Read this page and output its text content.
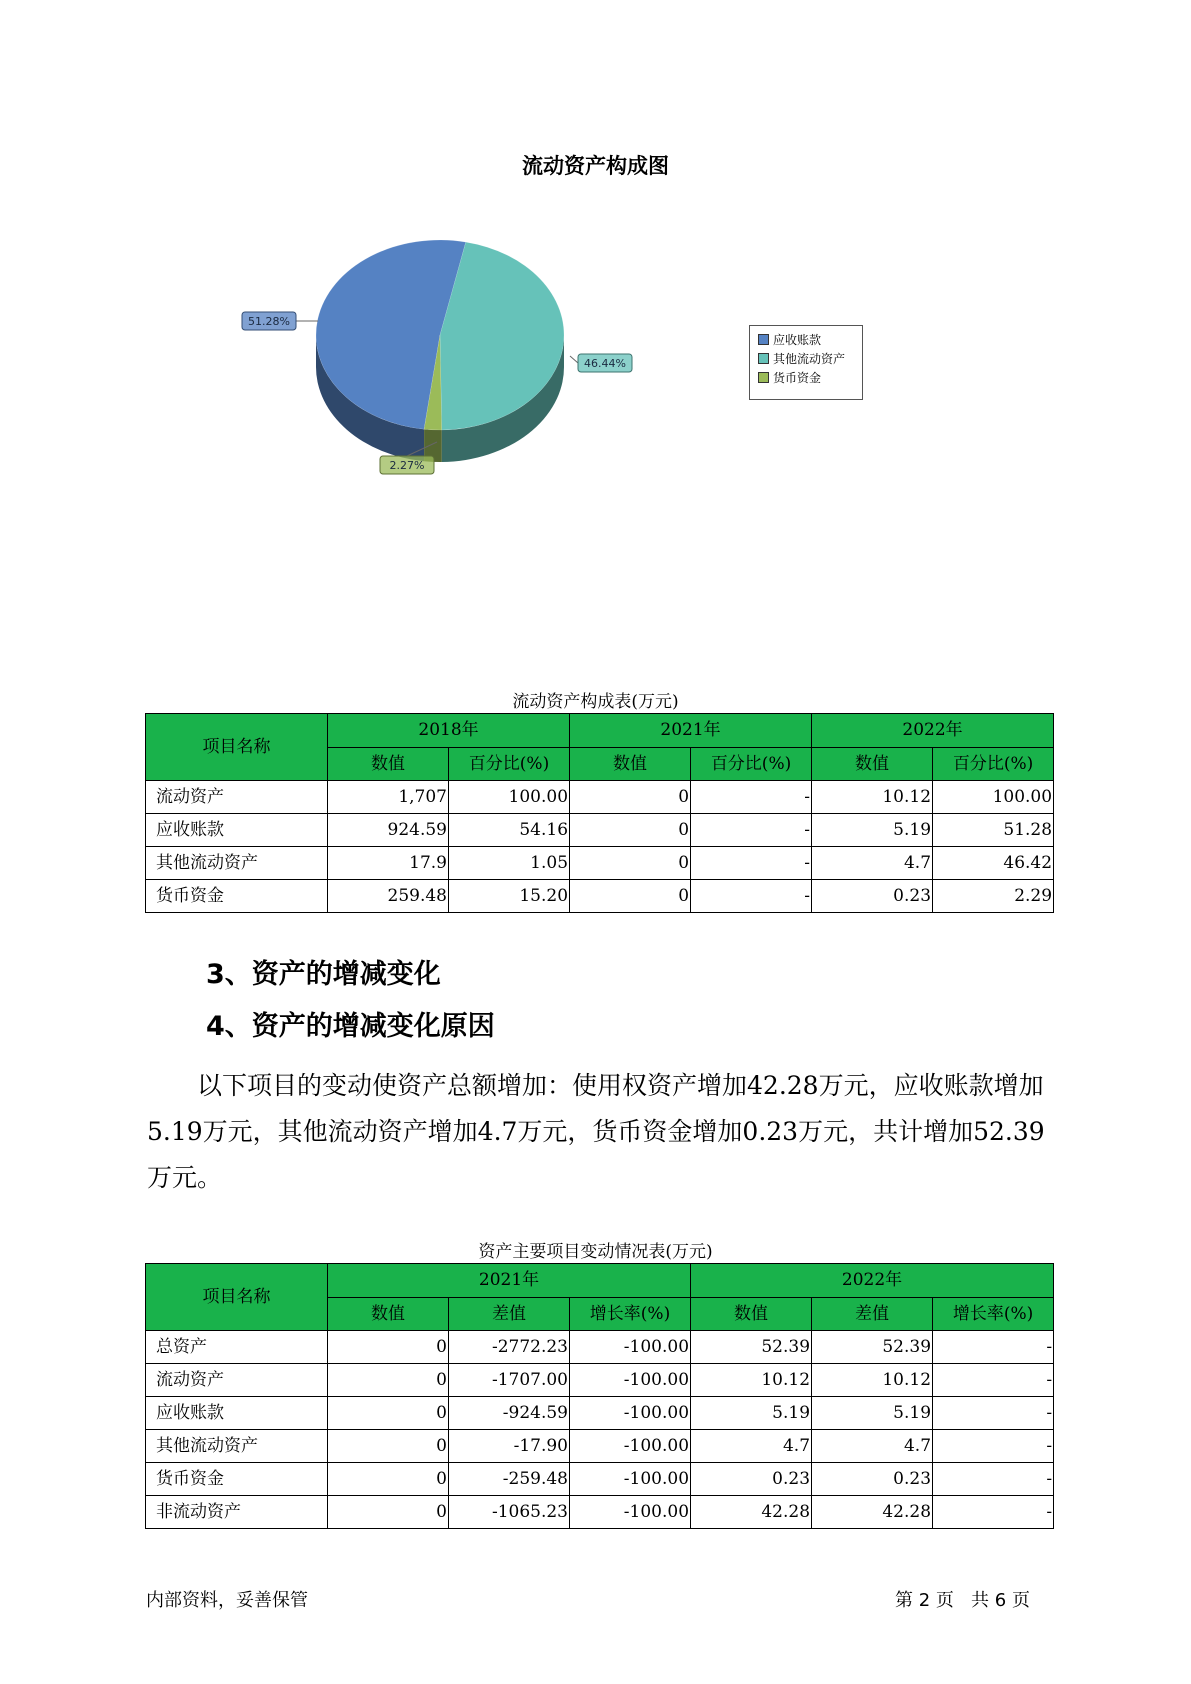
流动资产构成图
51.28%
46.44%
2.27%
应收账款
其他流动资产
货币资金
流动资产构成表(万元)
项目名称	2018年		2021年		2022年	
	数值	百分比(%)	数值	百分比(%)	数值	百分比(%)
流动资产	1,707	100.00	0	-	10.12	100.00
应收账款	924.59	54.16	0	-	5.19	51.28
其他流动资产	17.9	1.05	0	-	4.7	46.42
货币资金	259.48	15.20	0	-	0.23	2.29
3、资产的增减变化
4、资产的增减变化原因
以下项目的变动使资产总额增加：使用权资产增加42.28万元，应收账款增加5.19万元，其他流动资产增加4.7万元，货币资金增加0.23万元，共计增加52.39万元。
资产主要项目变动情况表(万元)
项目名称	2021年			2022年		
	数值	差值	增长率(%)	数值	差值	增长率(%)
总资产	0	-2772.23	-100.00	52.39	52.39	-
流动资产	0	-1707.00	-100.00	10.12	10.12	-
应收账款	0	-924.59	-100.00	5.19	5.19	-
其他流动资产	0	-17.90	-100.00	4.7	4.7	-
货币资金	0	-259.48	-100.00	0.23	0.23	-
非流动资产	0	-1065.23	-100.00	42.28	42.28	-
内部资料，妥善保管	第 2 页   共 6 页
